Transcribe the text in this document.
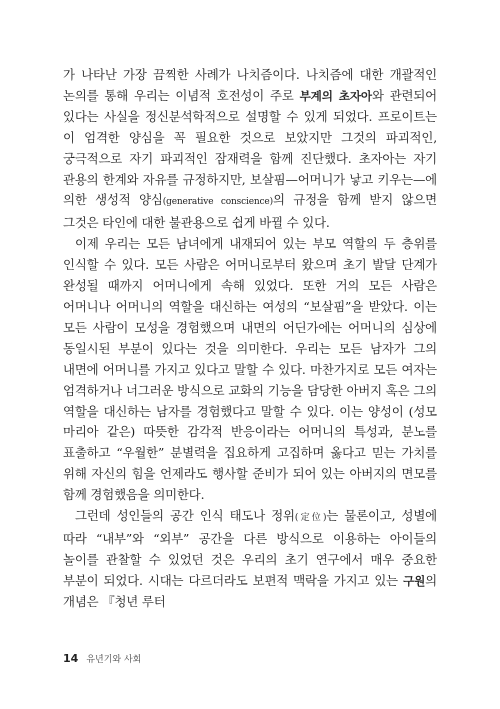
가 나타난 가장 끔찍한 사례가 나치즘이다. 나치즘에 대한 개괄적인 논의를 통해 우리는 이념적 호전성이 주로 부계의 초자아와 관련되어 있다는 사실을 정신분석학적으로 설명할 수 있게 되었다. 프로이트는 이 엄격한 양심을 꼭 필요한 것으로 보았지만 그것의 파괴적인, 궁극적으로 자기 파괴적인 잠재력을 함께 진단했다. 초자아는 자기 관용의 한계와 자유를 규정하지만, 보살핌—어머니가 낳고 키우는—에 의한 생성적 양심(generative conscience)의 규정을 함께 받지 않으면 그것은 타인에 대한 불관용으로 쉽게 바뀔 수 있다.

이제 우리는 모든 남녀에게 내재되어 있는 부모 역할의 두 층위를 인식할 수 있다. 모든 사람은 어머니로부터 왔으며 초기 발달 단계가 완성될 때까지 어머니에게 속해 있었다. 또한 거의 모든 사람은 어머니나 어머니의 역할을 대신하는 여성의 “보살핌”을 받았다. 이는 모든 사람이 모성을 경험했으며 내면의 어딘가에는 어머니의 심상에 동일시된 부분이 있다는 것을 의미한다. 우리는 모든 남자가 그의 내면에 어머니를 가지고 있다고 말할 수 있다. 마찬가지로 모든 여자는 엄격하거나 너그러운 방식으로 교화의 기능을 담당한 아버지 혹은 그의 역할을 대신하는 남자를 경험했다고 말할 수 있다. 이는 양성이 (성모 마리아 같은) 따뜻한 감각적 반응이라는 어머니의 특성과, 분노를 표출하고 “우월한” 분별력을 집요하게 고집하며 옳다고 믿는 가치를 위해 자신의 힘을 언제라도 행사할 준비가 되어 있는 아버지의 면모를 함께 경험했음을 의미한다.

그런데 성인들의 공간 인식 태도나 정위(定位)는 물론이고, 성별에 따라 “내부”와 “외부” 공간을 다른 방식으로 이용하는 아이들의 놀이를 관찰할 수 있었던 것은 우리의 초기 연구에서 매우 중요한 부분이 되었다. 시대는 다르더라도 보편적 맥락을 가지고 있는 구원의 개념은 『청년 루터

14 유년기와 사회
